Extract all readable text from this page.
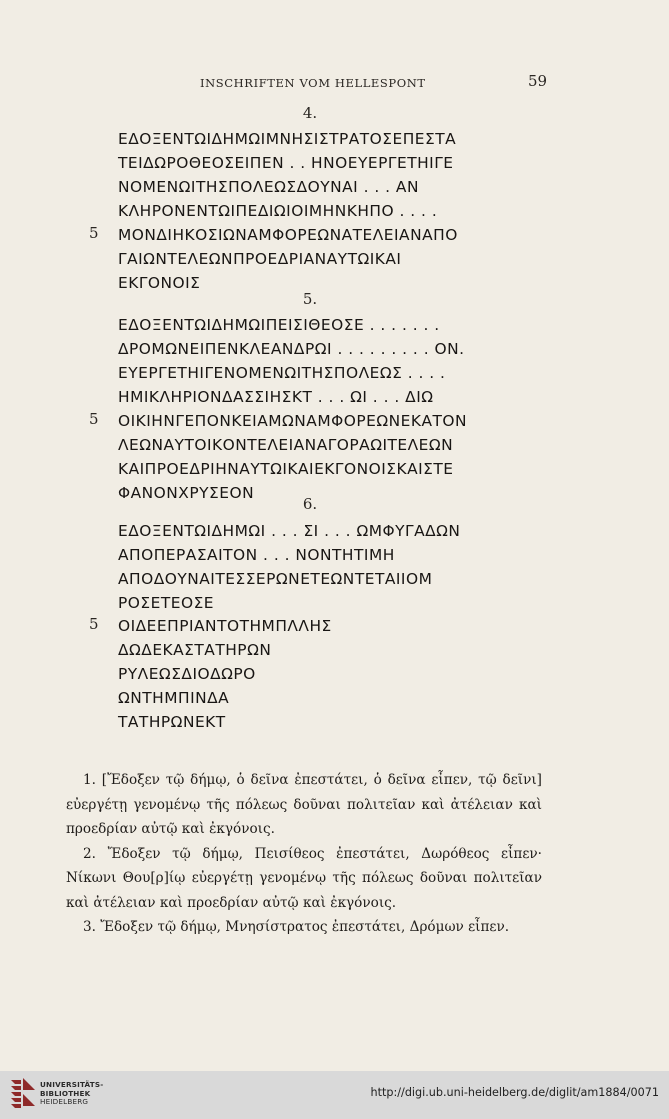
INSCHRIFTEN VOM HELLESPONT	59
4.
ΕΔΟΞΕΝΤΩΙΔΗΜΩΙΜΝΗΣΙΣΤΡΑΤΟΣΕΠΕΣΤΑ
ΤΕΙΔΩΡΟΘΕΟΣΕΙΠΕΝ . . ΗΝΟΕΥΕΡΓΕΤΗΙΓΕ
ΝΟΜΕΝΩΙΤΗΣΠΟΛΕΩΣΔΟΥΝΑΙ . . . ΑΝ
ΚΛΗΡΟΝΕΝΤΩΙΠΕΔΙΩΙΟΙΜΗΝΚΗΠΟ . . . .
5 ΜΟΝΔΙΗΚΟΣΙΩΝΑΜΦΟΡΕΩΝΑΤΕΛΕΙΑΝΑΠΟ
ΓΑΙΩΝΤΕΛΕΩΝΠΡΟΕΔΡΙΑΝΑΥΤΩΙΚΑΙ
ΕΚΓΟΝΟΙΣ
5.
ΕΔΟΞΕΝΤΩΙΔΗΜΩΙΠΕΙΣΙΘΕΟΣΕ . . . . . . .
ΔΡΟΜΩΝΕΙΠΕΝΚΛΕΑΝΔΡΩΙ . . . . . . . . . ΟΝ.
ΕΥΕΡΓΕΤΗΙΓΕΝΟΜΕΝΩΙΤΗΣΠΟΛΕΩΣ . . . .
ΗΜΙΚΛΗΡΙΟΝΔΑΣΣΙΗΣΚΤ . . . ΩΙ . . . ΔΙΩ
5 ΟΙΚΙΗΝΓΕΠΟΝΚΕΙΑΜΩΝΑΜΦΟΡΕΩΝΕΚΑΤΟΝ
ΛΕΩΝΑΥΤΟΙΚΟΝΤΕΛΕΙΑΝΑΓΟΡΑΩΙΤΕΛΕΩΝ
ΚΑΙΠΡΟΕΔΡΙΗΝΑΥΤΩΙΚΑΙΕΚΓΟΝΟΙΣΚΑΙΣΤΕ
ΦΑΝΟΝΧΡΥΣΕΟΝ
6.
ΕΔΟΞΕΝΤΩΙΔΗΜΩΙ . . . ΣΙ . . . ΩΜΦΥΓΑΔΩΝ
ΑΠΟΠΕΡΑΣΑΙΤΟΝ . . . ΝΟΝΤΗΤΙΜΗ
ΑΠΟΔΟΥΝΑΙΤΕΣΣΕΡΩΝΕΤΕΩΝΤΕΤΑΙΙΟΜ
ΡΟΣΕΤΕΟΣΕ
5 ΟΙΔΕΕΠΡΙΑΝΤΟΤΗΜΠΛΛΗΣ
ΔΩΔΕΚΑΣΤΑΤΗΡΩΝ
ΡΥΛΕΩΣΔΙΟΔΩΡΟ
ΩΝΤΗΜΠΙΝΔΑ
ΤΑΤΗΡΩΝΕΚΤ

1. [Ἔδοξεν τῷ δήμῳ, ὁ δεῖνα ἐπεστάτει, ὁ δεῖνα εἶπεν, τῷ δεῖνι] εὐεργέτῃ γενομένῳ τῆς πόλεως δοῦναι πολιτεῖαν καὶ ἀτέλειαν καὶ προεδρίαν αὐτῷ καὶ ἐκγόνοις.

2. Ἔδοξεν τῷ δήμῳ, Πεισίθεος ἐπεστάτει, Δωρόθεος εἶπεν· Νίκωνι Θου[ρ]ίῳ εὐεργέτῃ γενομένῳ τῆς πόλεως δοῦναι πολιτεῖαν καὶ ἀτέλειαν καὶ προεδρίαν αὐτῷ καὶ ἐκγόνοις.

3. Ἔδοξεν τῷ δήμῳ, Μνησίστρατος ἐπεστάτει, Δρόμων εἶπεν.

UNIVERSITÄTS-
BIBLIOTHEK
HEIDELBERG
http://digi.ub.uni-heidelberg.de/diglit/am1884/0071
